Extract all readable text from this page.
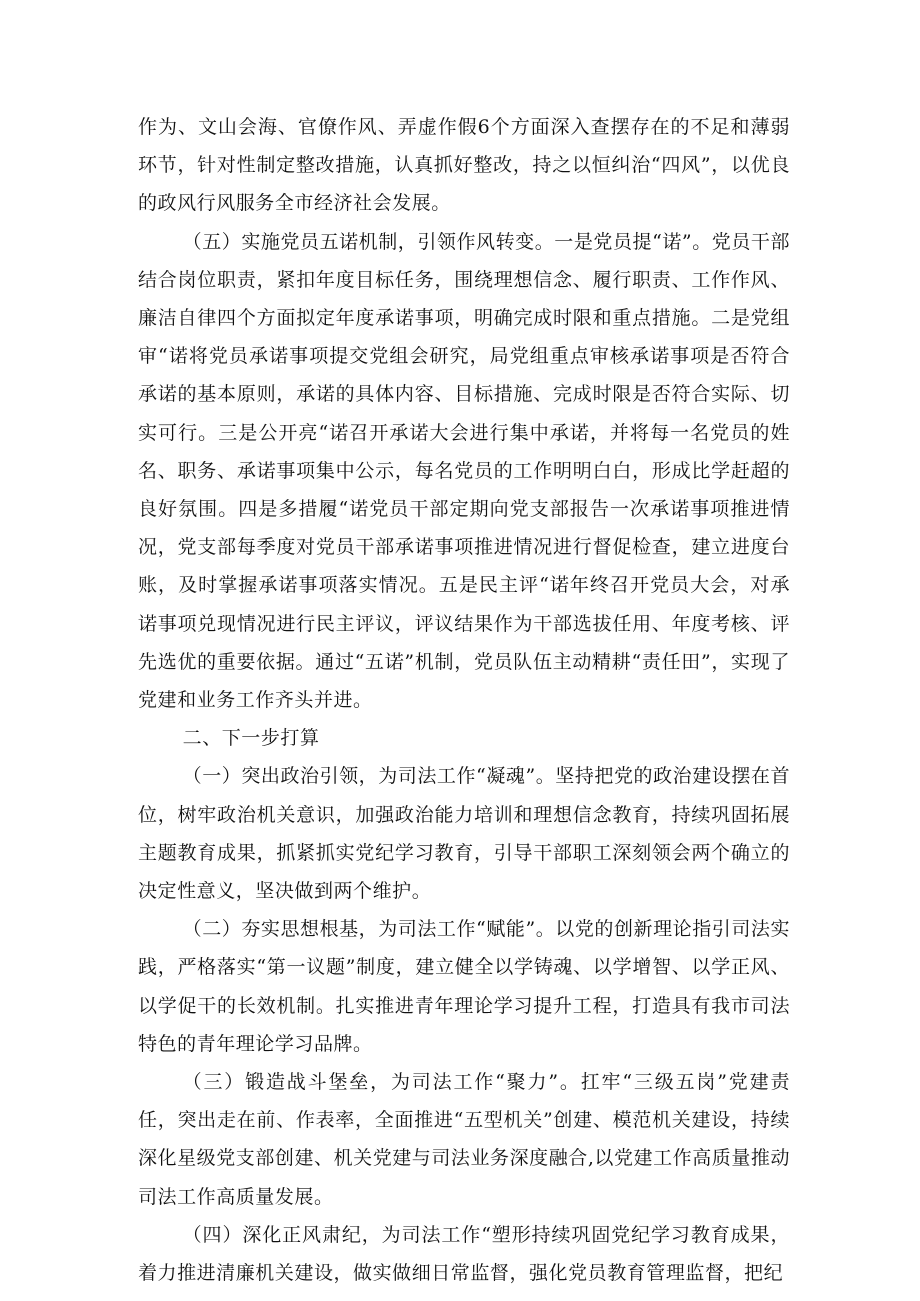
作为、文山会海、官僚作风、弄虚作假6个方面深入查摆存在的不足和薄弱环节，针对性制定整改措施，认真抓好整改，持之以恒纠治“四风”，以优良的政风行风服务全市经济社会发展。

（五）实施党员五诺机制，引领作风转变。一是党员提“诺”。党员干部结合岗位职责，紧扣年度目标任务，围绕理想信念、履行职责、工作作风、廉洁自律四个方面拟定年度承诺事项，明确完成时限和重点措施。二是党组审“诺将党员承诺事项提交党组会研究，局党组重点审核承诺事项是否符合承诺的基本原则，承诺的具体内容、目标措施、完成时限是否符合实际、切实可行。三是公开亮“诺召开承诺大会进行集中承诺，并将每一名党员的姓名、职务、承诺事项集中公示，每名党员的工作明明白白，形成比学赶超的良好氛围。四是多措履“诺党员干部定期向党支部报告一次承诺事项推进情况，党支部每季度对党员干部承诺事项推进情况进行督促检查，建立进度台账，及时掌握承诺事项落实情况。五是民主评“诺年终召开党员大会，对承诺事项兑现情况进行民主评议，评议结果作为干部选拔任用、年度考核、评先选优的重要依据。通过“五诺”机制，党员队伍主动精耕“责任田”，实现了党建和业务工作齐头并进。

二、下一步打算

（一）突出政治引领，为司法工作“凝魂”。坚持把党的政治建设摆在首位，树牢政治机关意识，加强政治能力培训和理想信念教育，持续巩固拓展主题教育成果，抓紧抓实党纪学习教育，引导干部职工深刻领会两个确立的决定性意义，坚决做到两个维护。

（二）夯实思想根基，为司法工作“赋能”。以党的创新理论指引司法实践，严格落实“第一议题”制度，建立健全以学铸魂、以学增智、以学正风、以学促干的长效机制。扎实推进青年理论学习提升工程，打造具有我市司法特色的青年理论学习品牌。

（三）锻造战斗堡垒，为司法工作“聚力”。扛牢“三级五岗”党建责任，突出走在前、作表率，全面推进“五型机关”创建、模范机关建设，持续深化星级党支部创建、机关党建与司法业务深度融合,以党建工作高质量推动司法工作高质量发展。

（四）深化正风肃纪，为司法工作“塑形持续巩固党纪学习教育成果，着力推进清廉机关建设，做实做细日常监督，强化党员教育管理监督，把纪
